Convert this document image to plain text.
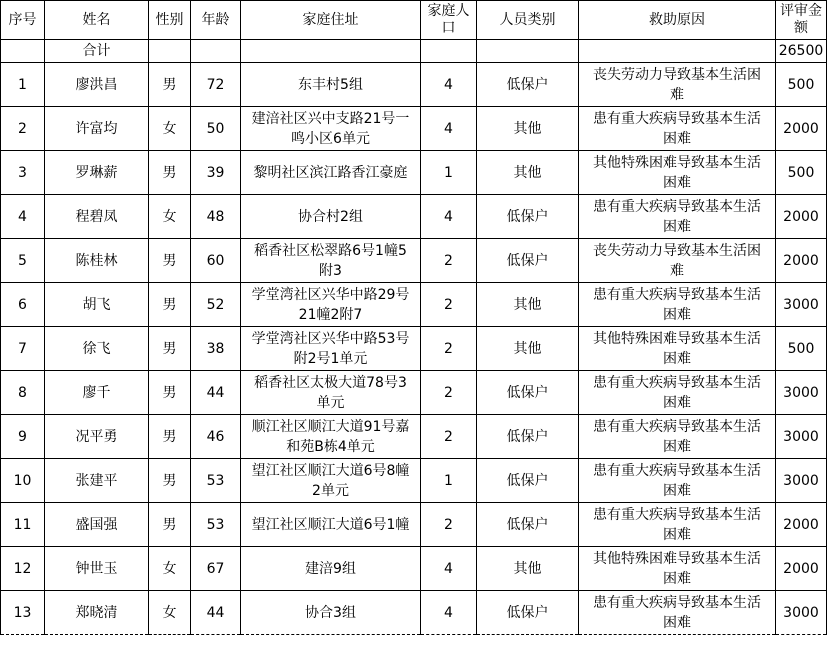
序号	姓名	性别	年龄	家庭住址	家庭人口	人员类别	救助原因	评审金额
	合计							26500
1	廖洪昌	男	72	东丰村5组	4	低保户	丧失劳动力导致基本生活困难	500
2	许富均	女	50	建涪社区兴中支路21号一鸣小区6单元	4	其他	患有重大疾病导致基本生活困难	2000
3	罗琳薪	男	39	黎明社区滨江路香江豪庭	1	其他	其他特殊困难导致基本生活困难	500
4	程碧凤	女	48	协合村2组	4	低保户	患有重大疾病导致基本生活困难	2000
5	陈桂林	男	60	稻香社区松翠路6号1幢5附3	2	低保户	丧失劳动力导致基本生活困难	2000
6	胡飞	男	52	学堂湾社区兴华中路29号21幢2附7	2	其他	患有重大疾病导致基本生活困难	3000
7	徐飞	男	38	学堂湾社区兴华中路53号附2号1单元	2	其他	其他特殊困难导致基本生活困难	500
8	廖千	男	44	稻香社区太极大道78号3单元	2	低保户	患有重大疾病导致基本生活困难	3000
9	况平勇	男	46	顺江社区顺江大道91号嘉和苑B栋4单元	2	低保户	患有重大疾病导致基本生活困难	3000
10	张建平	男	53	望江社区顺江大道6号8幢2单元	1	低保户	患有重大疾病导致基本生活困难	3000
11	盛国强	男	53	望江社区顺江大道6号1幢	2	低保户	患有重大疾病导致基本生活困难	2000
12	钟世玉	女	67	建涪9组	4	其他	其他特殊困难导致基本生活困难	2000
13	郑晓清	女	44	协合3组	4	低保户	患有重大疾病导致基本生活困难	3000
